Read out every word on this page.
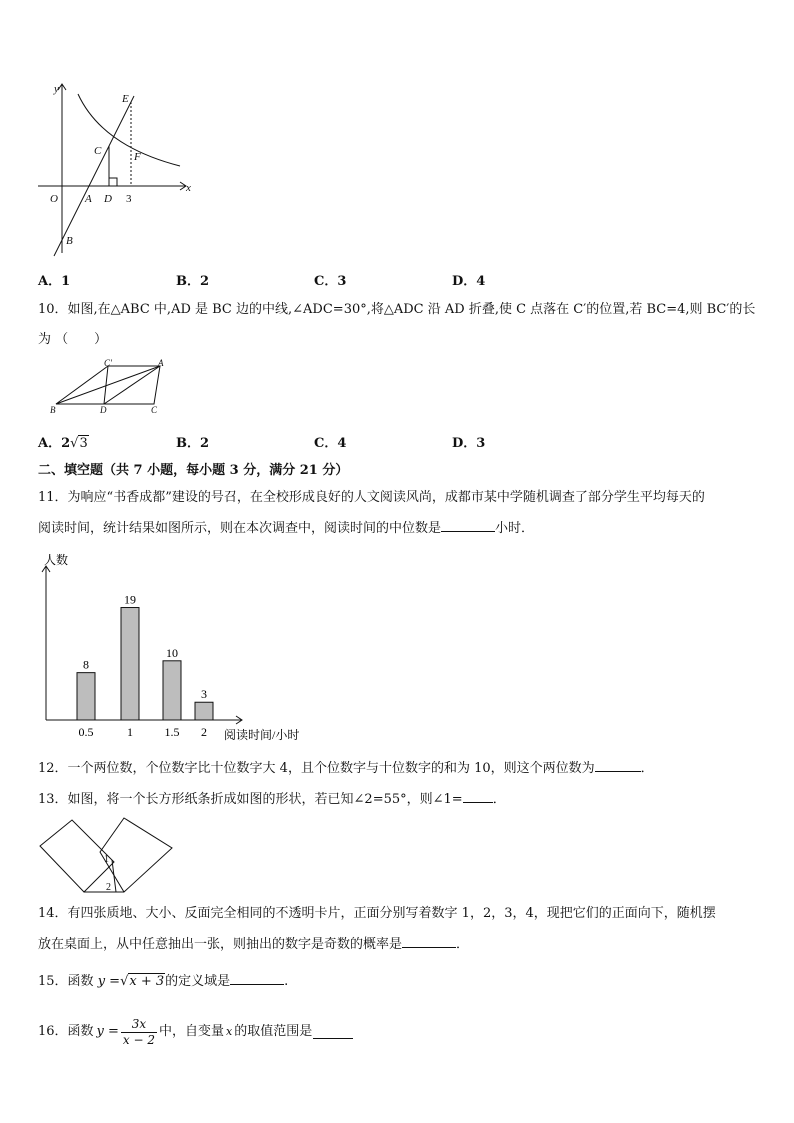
y
x
E
C	F
O A D 3
B
A．1	B．2	C．3	D．4
10．如图,在△ABC 中,AD 是 BC 边的中线,∠ADC=30°,将△ADC 沿 AD 折叠,使 C 点落在 C′的位置,若 BC=4,则 BC′的长
为 （　　）
C′	A
B	D	C
A．2√3	B．2	C．4	D．3
二、填空题（共 7 小题，每小题 3 分，满分 21 分）
11．为响应“书香成都”建设的号召，在全校形成良好的人文阅读风尚，成都市某中学随机调查了部分学生平均每天的
阅读时间，统计结果如图所示，则在本次调查中，阅读时间的中位数是	小时．
人数
阅读时间/小时
8
0.5
19
1
10
1.5
3
2
12．一个两位数，个位数字比十位数字大 4，且个位数字与十位数字的和为 10，则这个两位数为	．
13．如图，将一个长方形纸条折成如图的形状，若已知∠2=55°，则∠1= ．
1
2
14．有四张质地、大小、反面完全相同的不透明卡片，正面分别写着数字 1，2，3，4，现把它们的正面向下，随机摆
放在桌面上，从中任意抽出一张，则抽出的数字是奇数的概率是	．
15．函数 y =√x + 3的定义域是	.
16．函数 $y = \frac{3x}{x - 2}$ 中，自变量 x 的取值范围是
